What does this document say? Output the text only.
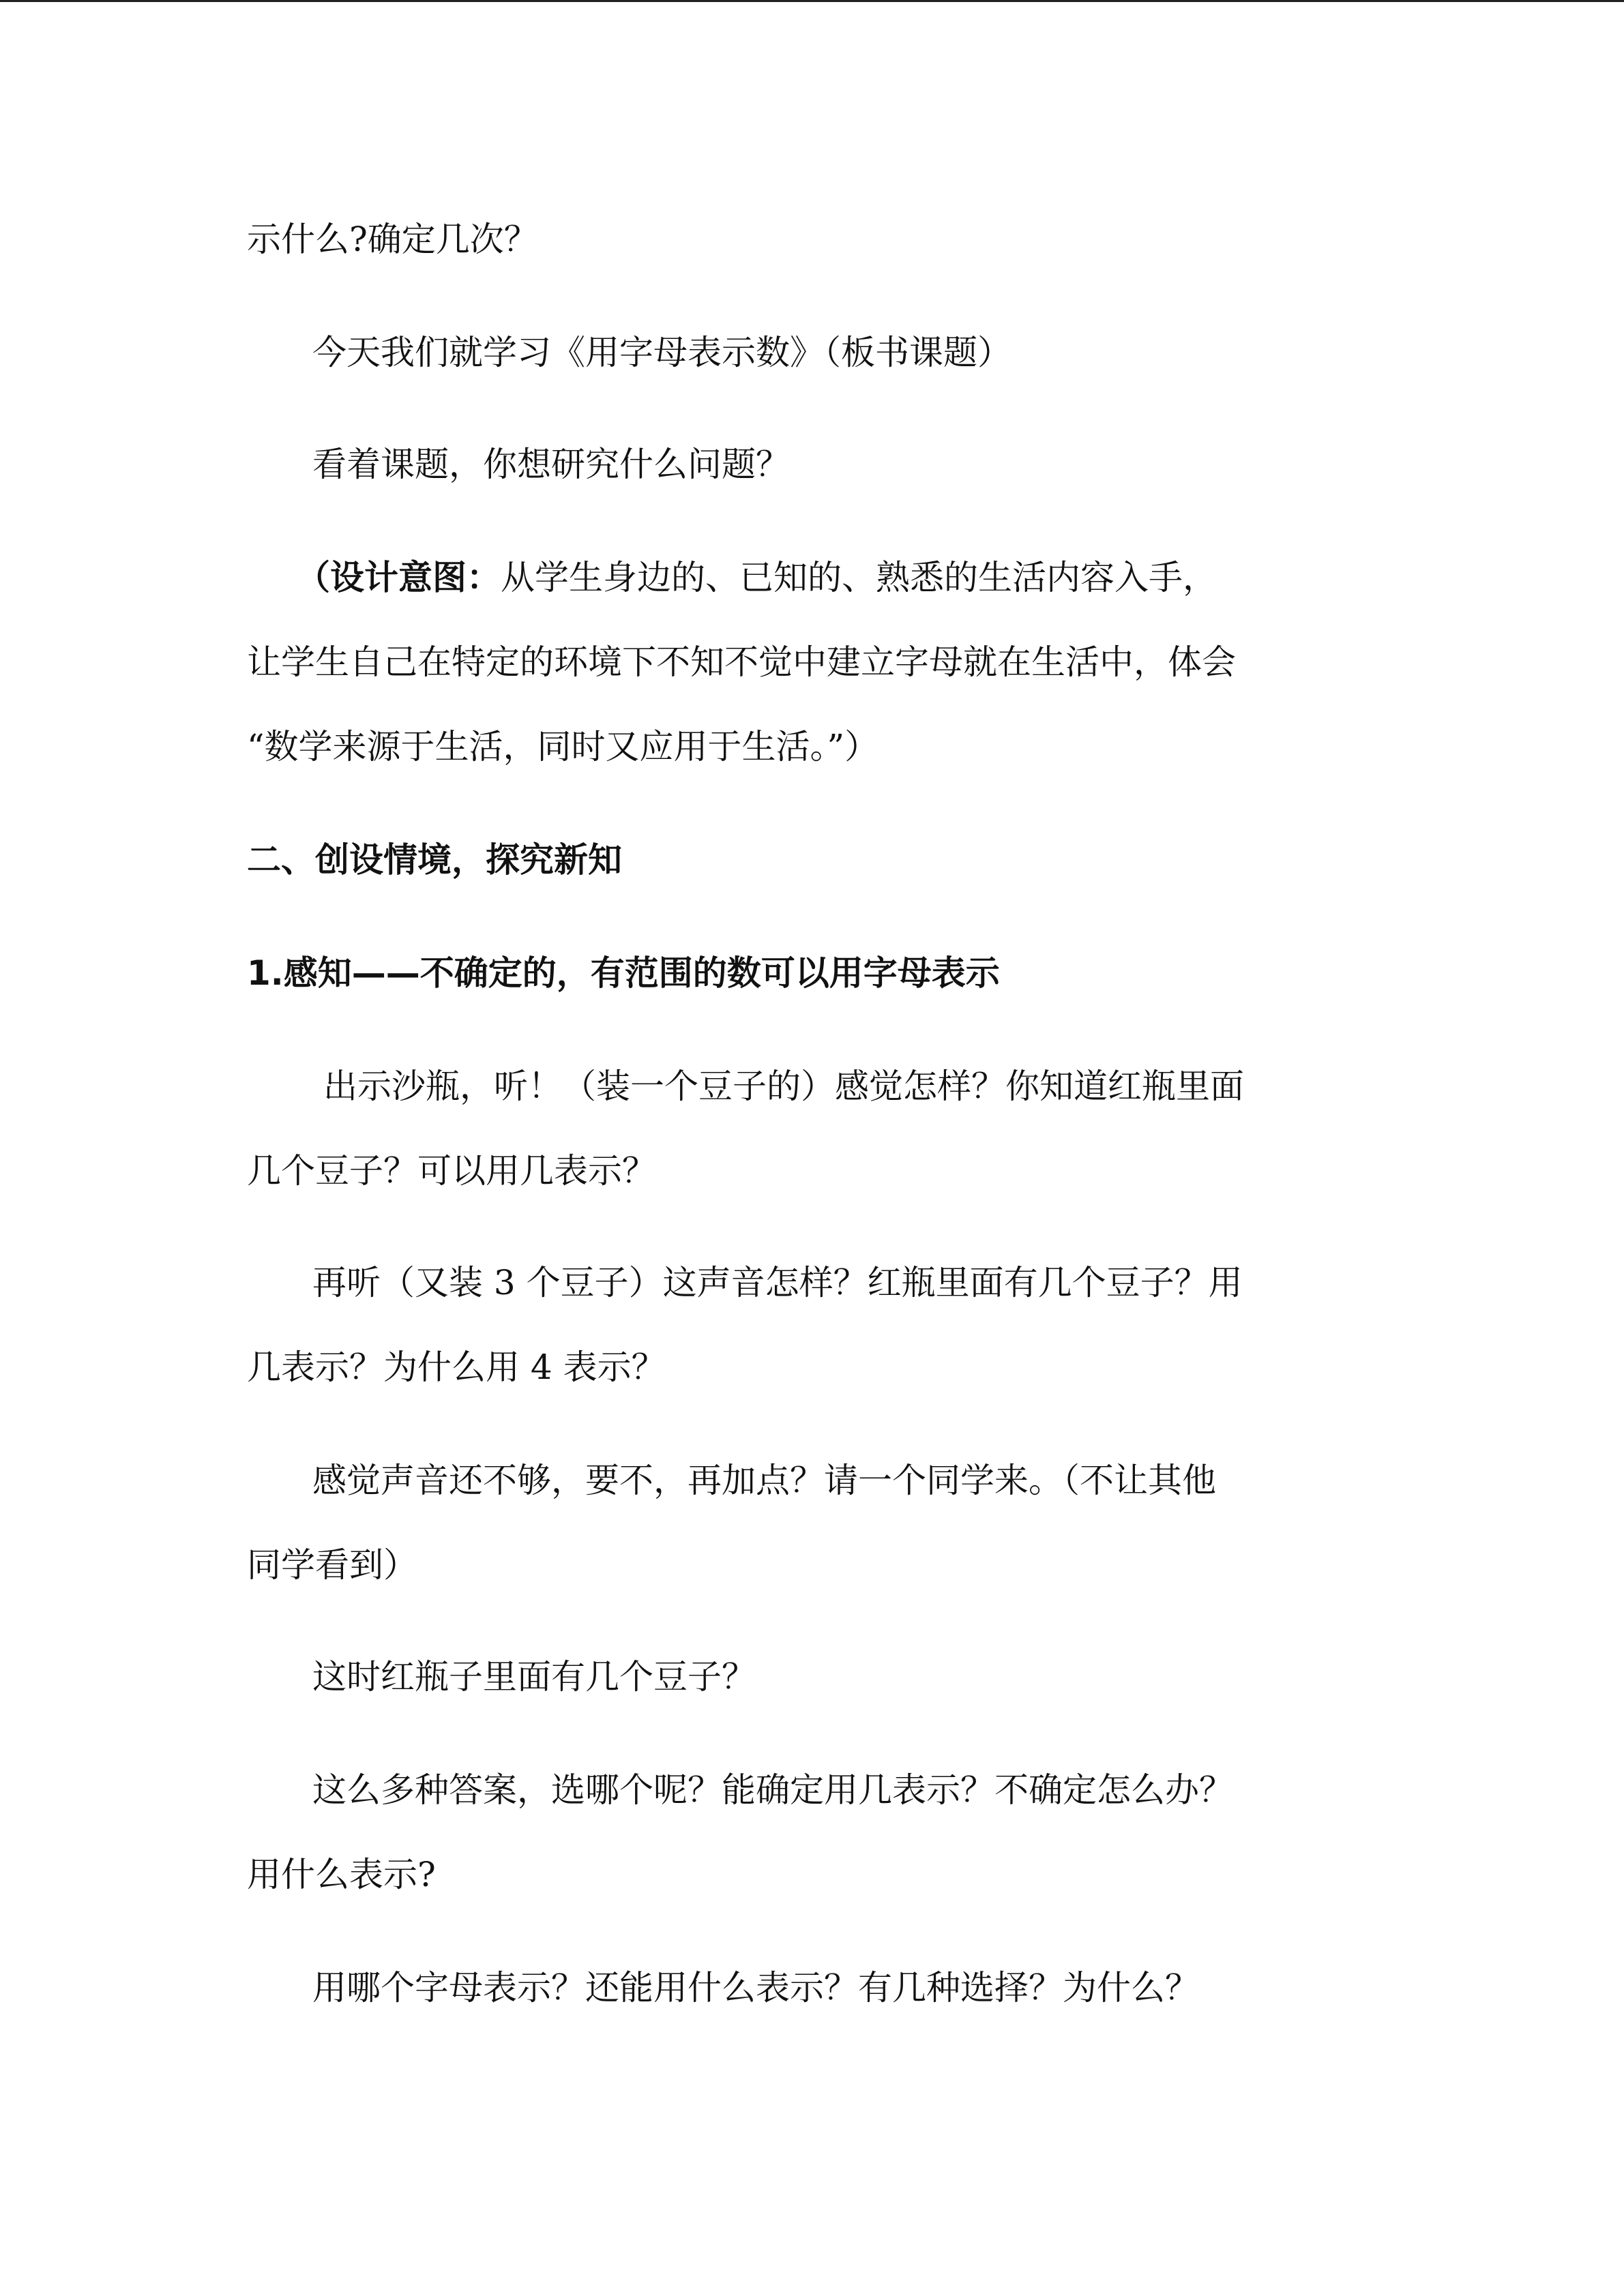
示什么?确定几次？
今天我们就学习《用字母表示数》（板书课题）
看着课题，你想研究什么问题？
（设计意图：从学生身边的、已知的、熟悉的生活内容入手，
让学生自己在特定的环境下不知不觉中建立字母就在生活中，体会
“数学来源于生活，同时又应用于生活。”）
二、创设情境，探究新知
1.感知——不确定的，有范围的数可以用字母表示
出示沙瓶，听！（装一个豆子的）感觉怎样？你知道红瓶里面
几个豆子？可以用几表示？
再听（又装 3 个豆子）这声音怎样？红瓶里面有几个豆子？用
几表示？为什么用 4 表示？
感觉声音还不够，要不，再加点？请一个同学来。（不让其他
同学看到）
这时红瓶子里面有几个豆子？
这么多种答案，选哪个呢？能确定用几表示？不确定怎么办？
用什么表示?
用哪个字母表示？还能用什么表示？有几种选择？为什么？
